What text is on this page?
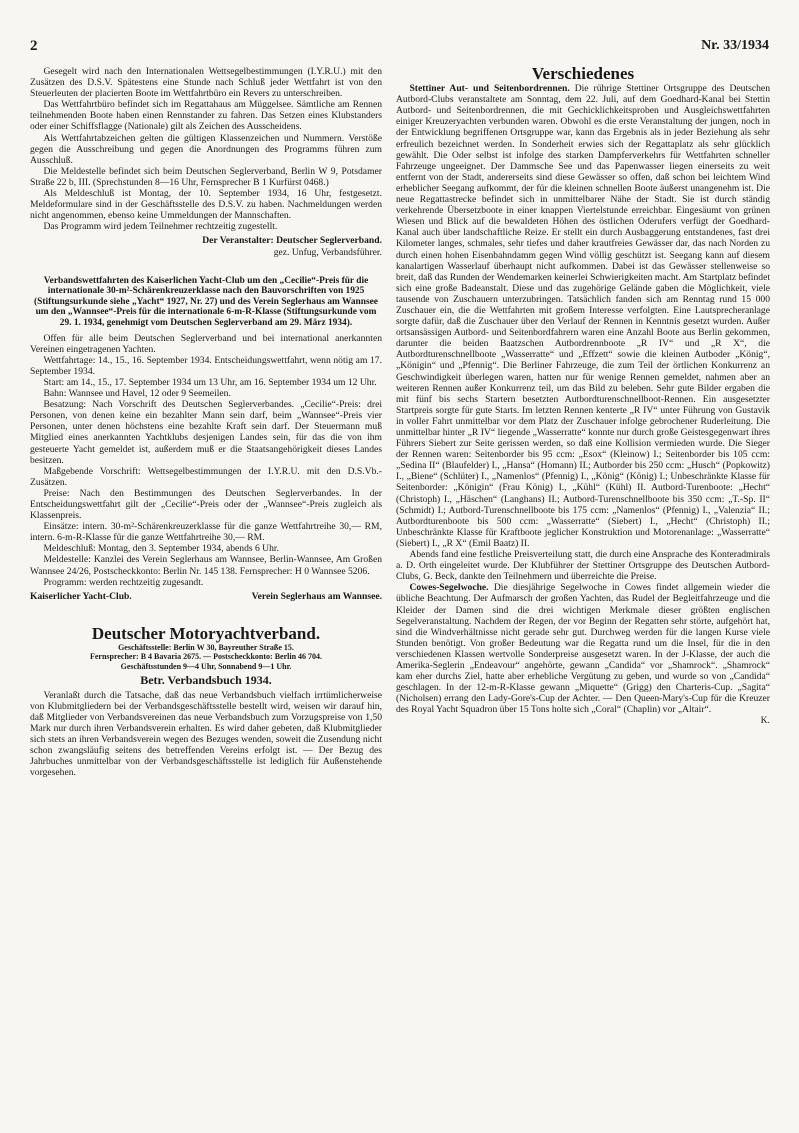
2	Nr. 33/1934

Gesegelt wird nach den Internationalen Wettsegelbestimmungen (I.Y.R.U.) mit den Zusätzen des D.S.V. Spätestens eine Stunde nach Schluß jeder Wettfahrt ist von den Steuerleuten der placierten Boote im Wettfahrtbüro ein Revers zu unterschreiben.

Das Wettfahrtbüro befindet sich im Regattahaus am Müggelsee. Sämtliche am Rennen teilnehmenden Boote haben einen Rennstander zu fahren. Das Setzen eines Klubstanders oder einer Schiffsflagge (Nationale) gilt als Zeichen des Ausscheidens.

Als Wettfahrtabzeichen gelten die gültigen Klassenzeichen und Nummern. Verstöße gegen die Ausschreibung und gegen die Anordnungen des Programms führen zum Ausschluß.

Die Meldestelle befindet sich beim Deutschen Seglerverband, Berlin W 9, Potsdamer Straße 22 b, III. (Sprechstunden 8—16 Uhr, Fernsprecher B 1 Kurfürst 0468.)

Als Meldeschluß ist Montag, der 10. September 1934, 16 Uhr, festgesetzt. Meldeformulare sind in der Geschäftsstelle des D.S.V. zu haben. Nachmeldungen werden nicht angenommen, ebenso keine Ummeldungen der Mannschaften.

Das Programm wird jedem Teilnehmer rechtzeitig zugestellt.

Der Veranstalter: Deutscher Seglerverband.
gez. Unfug, Verbandsführer.

Verbandswettfahrten des Kaiserlichen Yacht-Club um den „Cecilie“-Preis für die internationale 30-m²-Schärenkreuzerklasse nach den Bauvorschriften von 1925 (Stiftungsurkunde siehe „Yacht“ 1927, Nr. 27) und des Verein Seglerhaus am Wannsee um den „Wannsee“-Preis für die internationale 6-m-R-Klasse (Stiftungsurkunde vom 29. 1. 1934, genehmigt vom Deutschen Seglerverband am 29. März 1934).

Offen für alle beim Deutschen Seglerverband und bei international anerkannten Vereinen eingetragenen Yachten.

Wettfahrtage: 14., 15., 16. September 1934. Entscheidungswettfahrt, wenn nötig am 17. September 1934.

Start: am 14., 15., 17. September 1934 um 13 Uhr, am 16. September 1934 um 12 Uhr.

Bahn: Wannsee und Havel, 12 oder 9 Seemeilen.

Besatzung: Nach Vorschrift des Deutschen Seglerverbandes. „Cecilie“-Preis: drei Personen, von denen keine ein bezahlter Mann sein darf, beim „Wannsee“-Preis vier Personen, unter denen höchstens eine bezahlte Kraft sein darf. Der Steuermann muß Mitglied eines anerkannten Yachtklubs desjenigen Landes sein, für das die von ihm gesteuerte Yacht gemeldet ist, außerdem muß er die Staatsangehörigkeit dieses Landes besitzen.

Maßgebende Vorschrift: Wettsegelbestimmungen der I.Y.R.U. mit den D.S.Vb.-Zusätzen.

Preise: Nach den Bestimmungen des Deutschen Seglerverbandes. In der Entscheidungswettfahrt gilt der „Cecilie“-Preis oder der „Wannsee“-Preis zugleich als Klassenpreis.

Einsätze: intern. 30-m²-Schärenkreuzerklasse für die ganze Wettfahrtreihe 30,— RM, intern. 6-m-R-Klasse für die ganze Wettfahrtreihe 30,— RM.

Meldeschluß: Montag, den 3. September 1934, abends 6 Uhr.

Meldestelle: Kanzlei des Verein Seglerhaus am Wannsee, Berlin-Wannsee, Am Großen Wannsee 24/26, Postscheckkonto: Berlin Nr. 145 138. Fernsprecher: H 0 Wannsee 5206.

Programm: werden rechtzeitig zugesandt.

Kaiserlicher Yacht-Club.	Verein Seglerhaus am Wannsee.
Deutscher Motoryachtverband.
Geschäftsstelle: Berlin W 30, Bayreuther Straße 15.
Fernsprecher: B 4 Bavaria 2675. — Postscheckkonto: Berlin 46 704.
Geschäftsstunden 9—4 Uhr, Sonnabend 9—1 Uhr.
Betr. Verbandsbuch 1934.

Veranlaßt durch die Tatsache, daß das neue Verbandsbuch vielfach irrtümlicherweise von Klubmitgliedern bei der Verbandsgeschäftsstelle bestellt wird, weisen wir darauf hin, daß Mitglieder von Verbandsvereinen das neue Verbandsbuch zum Vorzugspreise von 1,50 Mark nur durch ihren Verbandsverein erhalten. Es wird daher gebeten, daß Klubmitglieder sich stets an ihren Verbandsverein wegen des Bezuges wenden, soweit die Zusendung nicht schon zwangsläufig seitens des betreffenden Vereins erfolgt ist. — Der Bezug des Jahrbuches unmittelbar von der Verbandsgeschäftsstelle ist lediglich für Außenstehende vorgesehen.

Verschiedenes

Stettiner Aut- und Seitenbordrennen. Die rührige Stettiner Ortsgruppe des Deutschen Autbord-Clubs veranstaltete am Sonntag, dem 22. Juli, auf dem Goedhard-Kanal bei Stettin Autbord- und Seitenbordrennen, die mit Gechicklichkeitsproben und Ausgleichswettfahrten einiger Kreuzeryachten verbunden waren. Obwohl es die erste Veranstaltung der jungen, noch in der Entwicklung begriffenen Ortsgruppe war, kann das Ergebnis als in jeder Beziehung als sehr erfreulich bezeichnet werden. In Sonderheit erwies sich der Regattaplatz als sehr glücklich gewählt. Die Oder selbst ist infolge des starken Dampferverkehrs für Wettfahrten schneller Fahrzeuge ungeeignet. Der Dammsche See und das Papenwasser liegen einerseits zu weit entfernt von der Stadt, andererseits sind diese Gewässer so offen, daß schon bei leichtem Wind erheblicher Seegang aufkommt, der für die kleinen schnellen Boote äußerst unangenehm ist. Die neue Regattastrecke befindet sich in unmittelbarer Nähe der Stadt. Sie ist durch ständig verkehrende Übersetzboote in einer knappen Viertelstunde erreichbar. Eingesäumt von grünen Wiesen und Blick auf die bewaldeten Höhen des östlichen Oderufers verfügt der Goedhard-Kanal auch über landschaftliche Reize. Er stellt ein durch Ausbaggerung entstandenes, fast drei Kilometer langes, schmales, sehr tiefes und daher krautfreies Gewässer dar, das nach Norden zu durch einen hohen Eisenbahndamm gegen Wind völlig geschützt ist. Seegang kann auf diesem kanalartigen Wasserlauf überhaupt nicht aufkommen. Dabei ist das Gewässer stellenweise so breit, daß das Runden der Wendemarken keinerlei Schwierigkeiten macht. Am Startplatz befindet sich eine große Badeanstalt. Diese und das zugehörige Gelände gaben die Möglichkeit, viele tausende von Zuschauern unterzubringen. Tatsächlich fanden sich am Renntag rund 15 000 Zuschauer ein, die die Wettfahrten mit großem Interesse verfolgten. Eine Lautsprecheranlage sorgte dafür, daß die Zuschauer über den Verlauf der Rennen in Kenntnis gesetzt wurden. Außer ortsansässigen Autbord- und Seitenbordfahrern waren eine Anzahl Boote aus Berlin gekommen, darunter die beiden Baatzschen Autbordrennboote „R IV“ und „R X“, die Autbordturenschnellboote „Wasserratte“ und „Effzett“ sowie die kleinen Autboder „König“, „Königin“ und „Pfennig“. Die Berliner Fahrzeuge, die zum Teil der örtlichen Konkurrenz an Geschwindigkeit überlegen waren, hatten nur für wenige Rennen gemeldet, nahmen aber an weiteren Rennen außer Konkurrenz teil, um das Bild zu beleben. Sehr gute Bilder ergaben die mit fünf bis sechs Startern besetzten Autbordturenschnellboot-Rennen. Ein ausgesetzter Startpreis sorgte für gute Starts. Im letzten Rennen kenterte „R IV“ unter Führung von Gustavik in voller Fahrt unmittelbar vor dem Platz der Zuschauer infolge gebrochener Ruderleitung. Die unmittelbar hinter „R IV“ liegende „Wasserratte“ konnte nur durch große Geistesgegenwart ihres Führers Siebert zur Seite gerissen werden, so daß eine Kollision vermieden wurde. Die Sieger der Rennen waren: Seitenborder bis 95 ccm: „Esox“ (Kleinow) I.; Seitenborder bis 105 ccm: „Sedina II“ (Blaufelder) I., „Hansa“ (Homann) II.; Autborder bis 250 ccm: „Husch“ (Popkowitz) I., „Biene“ (Schlüter) I., „Namenlos“ (Pfennig) I., „König“ (König) I.; Unbeschränkte Klasse für Seitenborder: „Königin“ (Frau König) I., „Kühl“ (Kühl) II. Autbord-Turenboote: „Hecht“ (Christoph) I., „Häschen“ (Langhans) II.; Autbord-Turenschnellboote bis 350 ccm: „T.-Sp. II“ (Schmidt) I.; Autbord-Turenschnellboote bis 175 ccm: „Namenlos“ (Pfennig) I., „Valenzia“ II.; Autbordturenboote bis 500 ccm: „Wasserratte“ (Siebert) I., „Hecht“ (Christoph) II.; Unbeschränkte Klasse für Kraftboote jeglicher Konstruktion und Motorenanlage: „Wasserratte“ (Siebert) I., „R X“ (Emil Baatz) II.

Abends fand eine festliche Preisverteilung statt, die durch eine Ansprache des Konteradmirals a. D. Orth eingeleitet wurde. Der Klubführer der Stettiner Ortsgruppe des Deutschen Autbord-Clubs, G. Beck, dankte den Teilnehmern und überreichte die Preise.

Cowes-Segelwoche. Die diesjährige Segelwoche in Cowes findet allgemein wieder die übliche Beachtung. Der Aufmarsch der großen Yachten, das Rudel der Begleitfahrzeuge und die Kleider der Damen sind die drei wichtigen Merkmale dieser größten englischen Segelveranstaltung. Nachdem der Regen, der vor Beginn der Regatten sehr störte, aufgehört hat, sind die Windverhältnisse nicht gerade sehr gut. Durchweg werden für die langen Kurse viele Stunden benötigt. Von großer Bedeutung war die Regatta rund um die Insel, für die in den verschiedenen Klassen wertvolle Sonderpreise ausgesetzt waren. In der J-Klasse, der auch die Amerika-Seglerin „Endeavour“ angehörte, gewann „Candida“ vor „Shamrock“. „Shamrock“ kam eher durchs Ziel, hatte aber erhebliche Vergütung zu geben, und wurde so von „Candida“ geschlagen. In der 12-m-R-Klasse gewann „Miquette“ (Grigg) den Charteris-Cup. „Sagita“ (Nicholsen) errang den Lady-Gore's-Cup der Achter. — Den Queen-Mary's-Cup für die Kreuzer des Royal Yacht Squadron über 15 Tons holte sich „Coral“ (Chaplin) vor „Altair“.

K.
